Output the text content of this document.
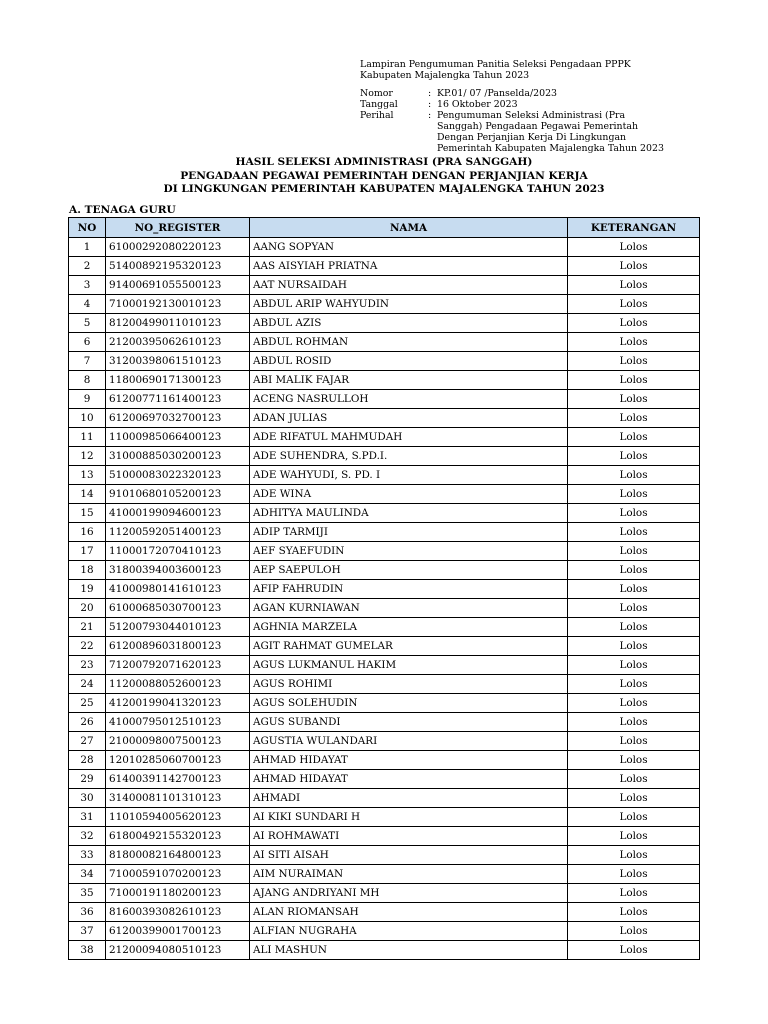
Lampiran Pengumuman Panitia Seleksi Pengadaan PPPK
Kabupaten Majalengka Tahun 2023
Nomor	: KP.01/ 07 /Panselda/2023
Tanggal	: 16 Oktober 2023
Perihal	: Pengumuman Seleksi Administrasi (Pra
Sanggah) Pengadaan Pegawai Pemerintah
Dengan Perjanjian Kerja Di Lingkungan
Pemerintah Kabupaten Majalengka Tahun 2023
HASIL SELEKSI ADMINISTRASI (PRA SANGGAH)
PENGADAAN PEGAWAI PEMERINTAH DENGAN PERJANJIAN KERJA
DI LINGKUNGAN PEMERINTAH KABUPATEN MAJALENGKA TAHUN 2023
A. TENAGA GURU
NO	NO_REGISTER	NAMA	KETERANGAN
1	61000292080220123	AANG SOPYAN	Lolos
2	51400892195320123	AAS AISYIAH PRIATNA	Lolos
3	91400691055500123	AAT NURSAIDAH	Lolos
4	71000192130010123	ABDUL ARIP WAHYUDIN	Lolos
5	81200499011010123	ABDUL AZIS	Lolos
6	21200395062610123	ABDUL ROHMAN	Lolos
7	31200398061510123	ABDUL ROSID	Lolos
8	11800690171300123	ABI MALIK FAJAR	Lolos
9	61200771161400123	ACENG NASRULLOH	Lolos
10	61200697032700123	ADAN JULIAS	Lolos
11	11000985066400123	ADE RIFATUL MAHMUDAH	Lolos
12	31000885030200123	ADE SUHENDRA, S.PD.I.	Lolos
13	51000083022320123	ADE WAHYUDI, S. PD. I	Lolos
14	91010680105200123	ADE WINA	Lolos
15	41000199094600123	ADHITYA MAULINDA	Lolos
16	11200592051400123	ADIP TARMIJI	Lolos
17	11000172070410123	AEF SYAEFUDIN	Lolos
18	31800394003600123	AEP SAEPULOH	Lolos
19	41000980141610123	AFIP FAHRUDIN	Lolos
20	61000685030700123	AGAN KURNIAWAN	Lolos
21	51200793044010123	AGHNIA MARZELA	Lolos
22	61200896031800123	AGIT RAHMAT GUMELAR	Lolos
23	71200792071620123	AGUS LUKMANUL HAKIM	Lolos
24	11200088052600123	AGUS ROHIMI	Lolos
25	41200199041320123	AGUS SOLEHUDIN	Lolos
26	41000795012510123	AGUS SUBANDI	Lolos
27	21000098007500123	AGUSTIA WULANDARI	Lolos
28	12010285060700123	AHMAD HIDAYAT	Lolos
29	61400391142700123	AHMAD HIDAYAT	Lolos
30	31400081101310123	AHMADI	Lolos
31	11010594005620123	AI KIKI SUNDARI H	Lolos
32	61800492155320123	AI ROHMAWATI	Lolos
33	81800082164800123	AI SITI AISAH	Lolos
34	71000591070200123	AIM NURAIMAN	Lolos
35	71000191180200123	AJANG ANDRIYANI MH	Lolos
36	81600393082610123	ALAN RIOMANSAH	Lolos
37	61200399001700123	ALFIAN NUGRAHA	Lolos
38	21200094080510123	ALI MASHUN	Lolos
